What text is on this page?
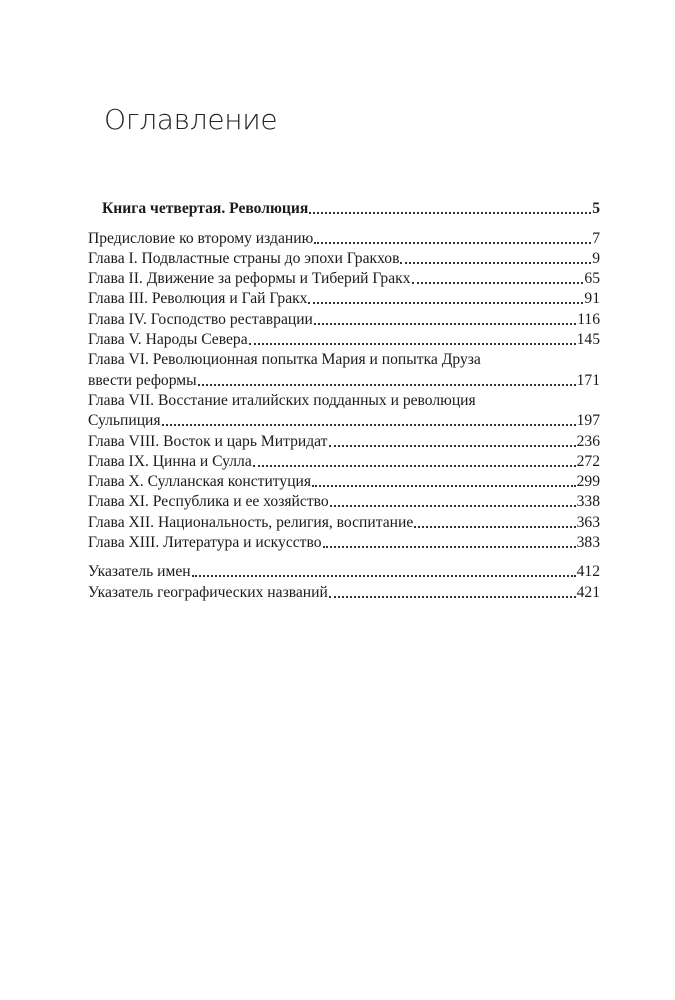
Оглавление
Книга четвертая. Революция	5
Предисловие ко второму изданию	7
Глава I. Подвластные страны до эпохи Гракхов	9
Глава II. Движение за реформы и Тиберий Гракх	65
Глава III. Революция и Гай Гракх	91
Глава IV. Господство реставрации	116
Глава V. Народы Севера	145
Глава VI. Революционная попытка Мария и попытка Друза
ввести реформы	171
Глава VII. Восстание италийских подданных и революция
Сульпиция	197
Глава VIII. Восток и царь Митридат	236
Глава IX. Цинна и Сулла	272
Глава X. Сулланская конституция	299
Глава XI. Республика и ее хозяйство	338
Глава XII. Национальность, религия, воспитание	363
Глава XIII. Литература и искусство	383
Указатель имен	412
Указатель географических названий	421
